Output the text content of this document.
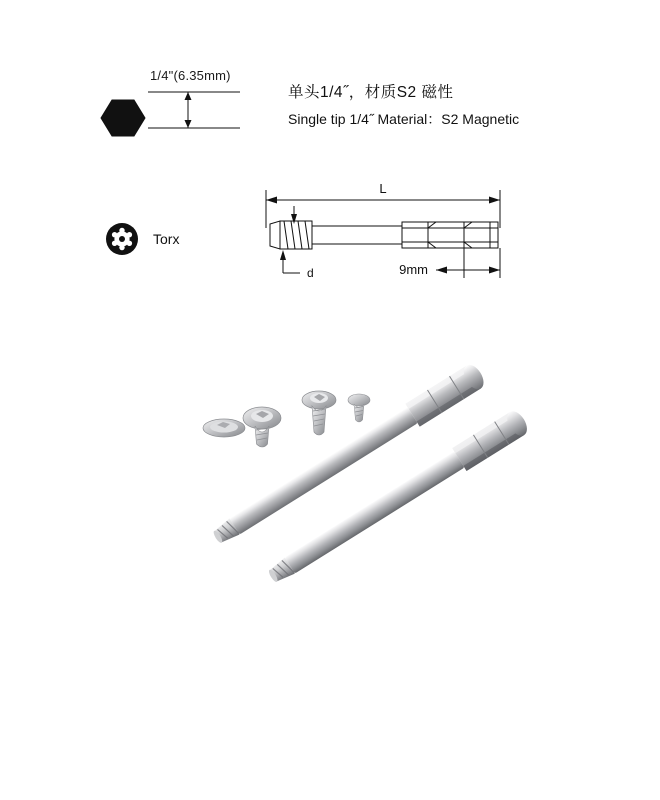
1/4"(6.35mm)
Torx
单头1/4˝，材质S2 磁性
Single tip 1/4˝ Material：S2 Magnetic
L
d	9mm
